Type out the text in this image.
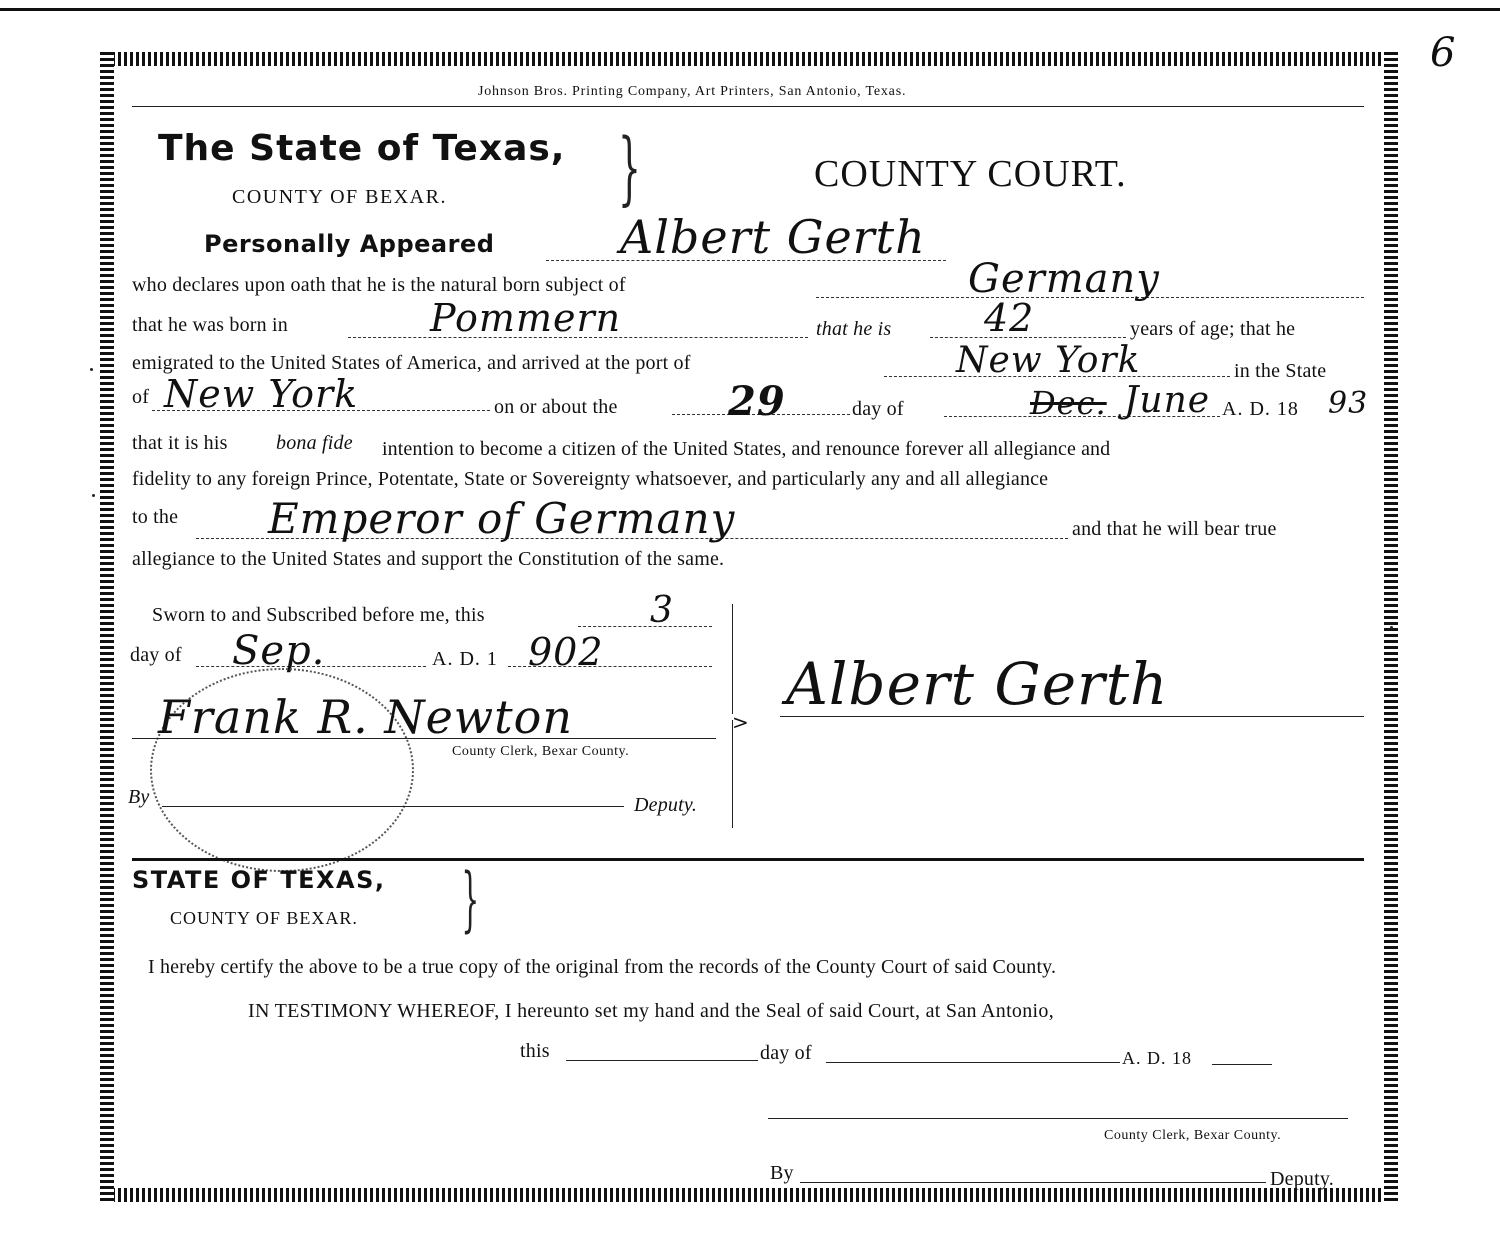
6
Johnson Bros. Printing Company, Art Printers, San Antonio, Texas.
The State of Texas,
COUNTY OF BEXAR. }	COUNTY COURT.
Personally Appeared	Albert Gerth
who declares upon oath that he is the natural born subject of	Germany
that he was born in	Pommern	that he is 42	years of age; that he
emigrated to the United States of America, and arrived at the port of	New York	in the State
of New York	on or about the	29	day of	Dec. June A. D. 18 93
that it is his bona fide intention to become a citizen of the United States, and renounce forever all allegiance and
fidelity to any foreign Prince, Potentate, State or Sovereignty whatsoever, and particularly any and all allegiance
to the Emperor of Germany	and that he will bear true
allegiance to the United States and support the Constitution of the same.
Sworn to and Subscribed before me, this	3
day of Sep.	A. D. 1 902
Frank R. Newton
County Clerk, Bexar County.
By	Deputy.
>
Albert Gerth
STATE OF TEXAS,
COUNTY OF BEXAR. }
I hereby certify the above to be a true copy of the original from the records of the County Court of said County.
IN TESTIMONY WHEREOF, I hereunto set my hand and the Seal of said Court, at San Antonio,
this	day of	A. D. 18
County Clerk, Bexar County.
By	Deputy.
